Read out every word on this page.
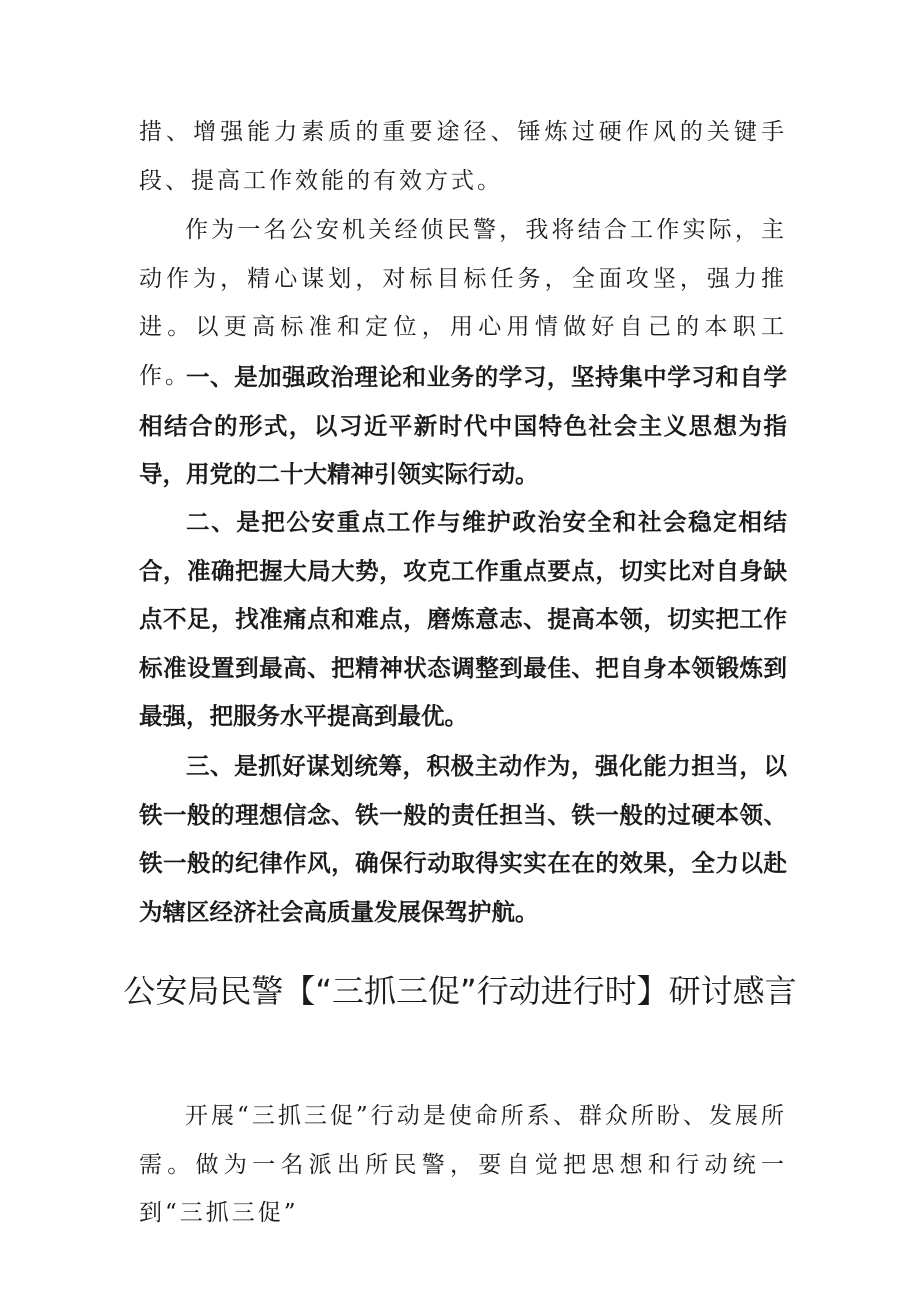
措、增强能力素质的重要途径、锤炼过硬作风的关键手段、提高工作效能的有效方式。

作为一名公安机关经侦民警，我将结合工作实际，主动作为，精心谋划，对标目标任务，全面攻坚，强力推进。以更高标准和定位，用心用情做好自己的本职工作。

一、是加强政治理论和业务的学习，坚持集中学习和自学相结合的形式，以习近平新时代中国特色社会主义思想为指导，用党的二十大精神引领实际行动。

二、是把公安重点工作与维护政治安全和社会稳定相结合，准确把握大局大势，攻克工作重点要点，切实比对自身缺点不足，找准痛点和难点，磨炼意志、提高本领，切实把工作标准设置到最高、把精神状态调整到最佳、把自身本领锻炼到最强，把服务水平提高到最优。

三、是抓好谋划统筹，积极主动作为，强化能力担当，以铁一般的理想信念、铁一般的责任担当、铁一般的过硬本领、铁一般的纪律作风，确保行动取得实实在在的效果，全力以赴为辖区经济社会高质量发展保驾护航。

公安局民警【“三抓三促”行动进行时】研讨感言

开展“三抓三促”行动是使命所系、群众所盼、发展所需。做为一名派出所民警，要自觉把思想和行动统一到“三抓三促”
